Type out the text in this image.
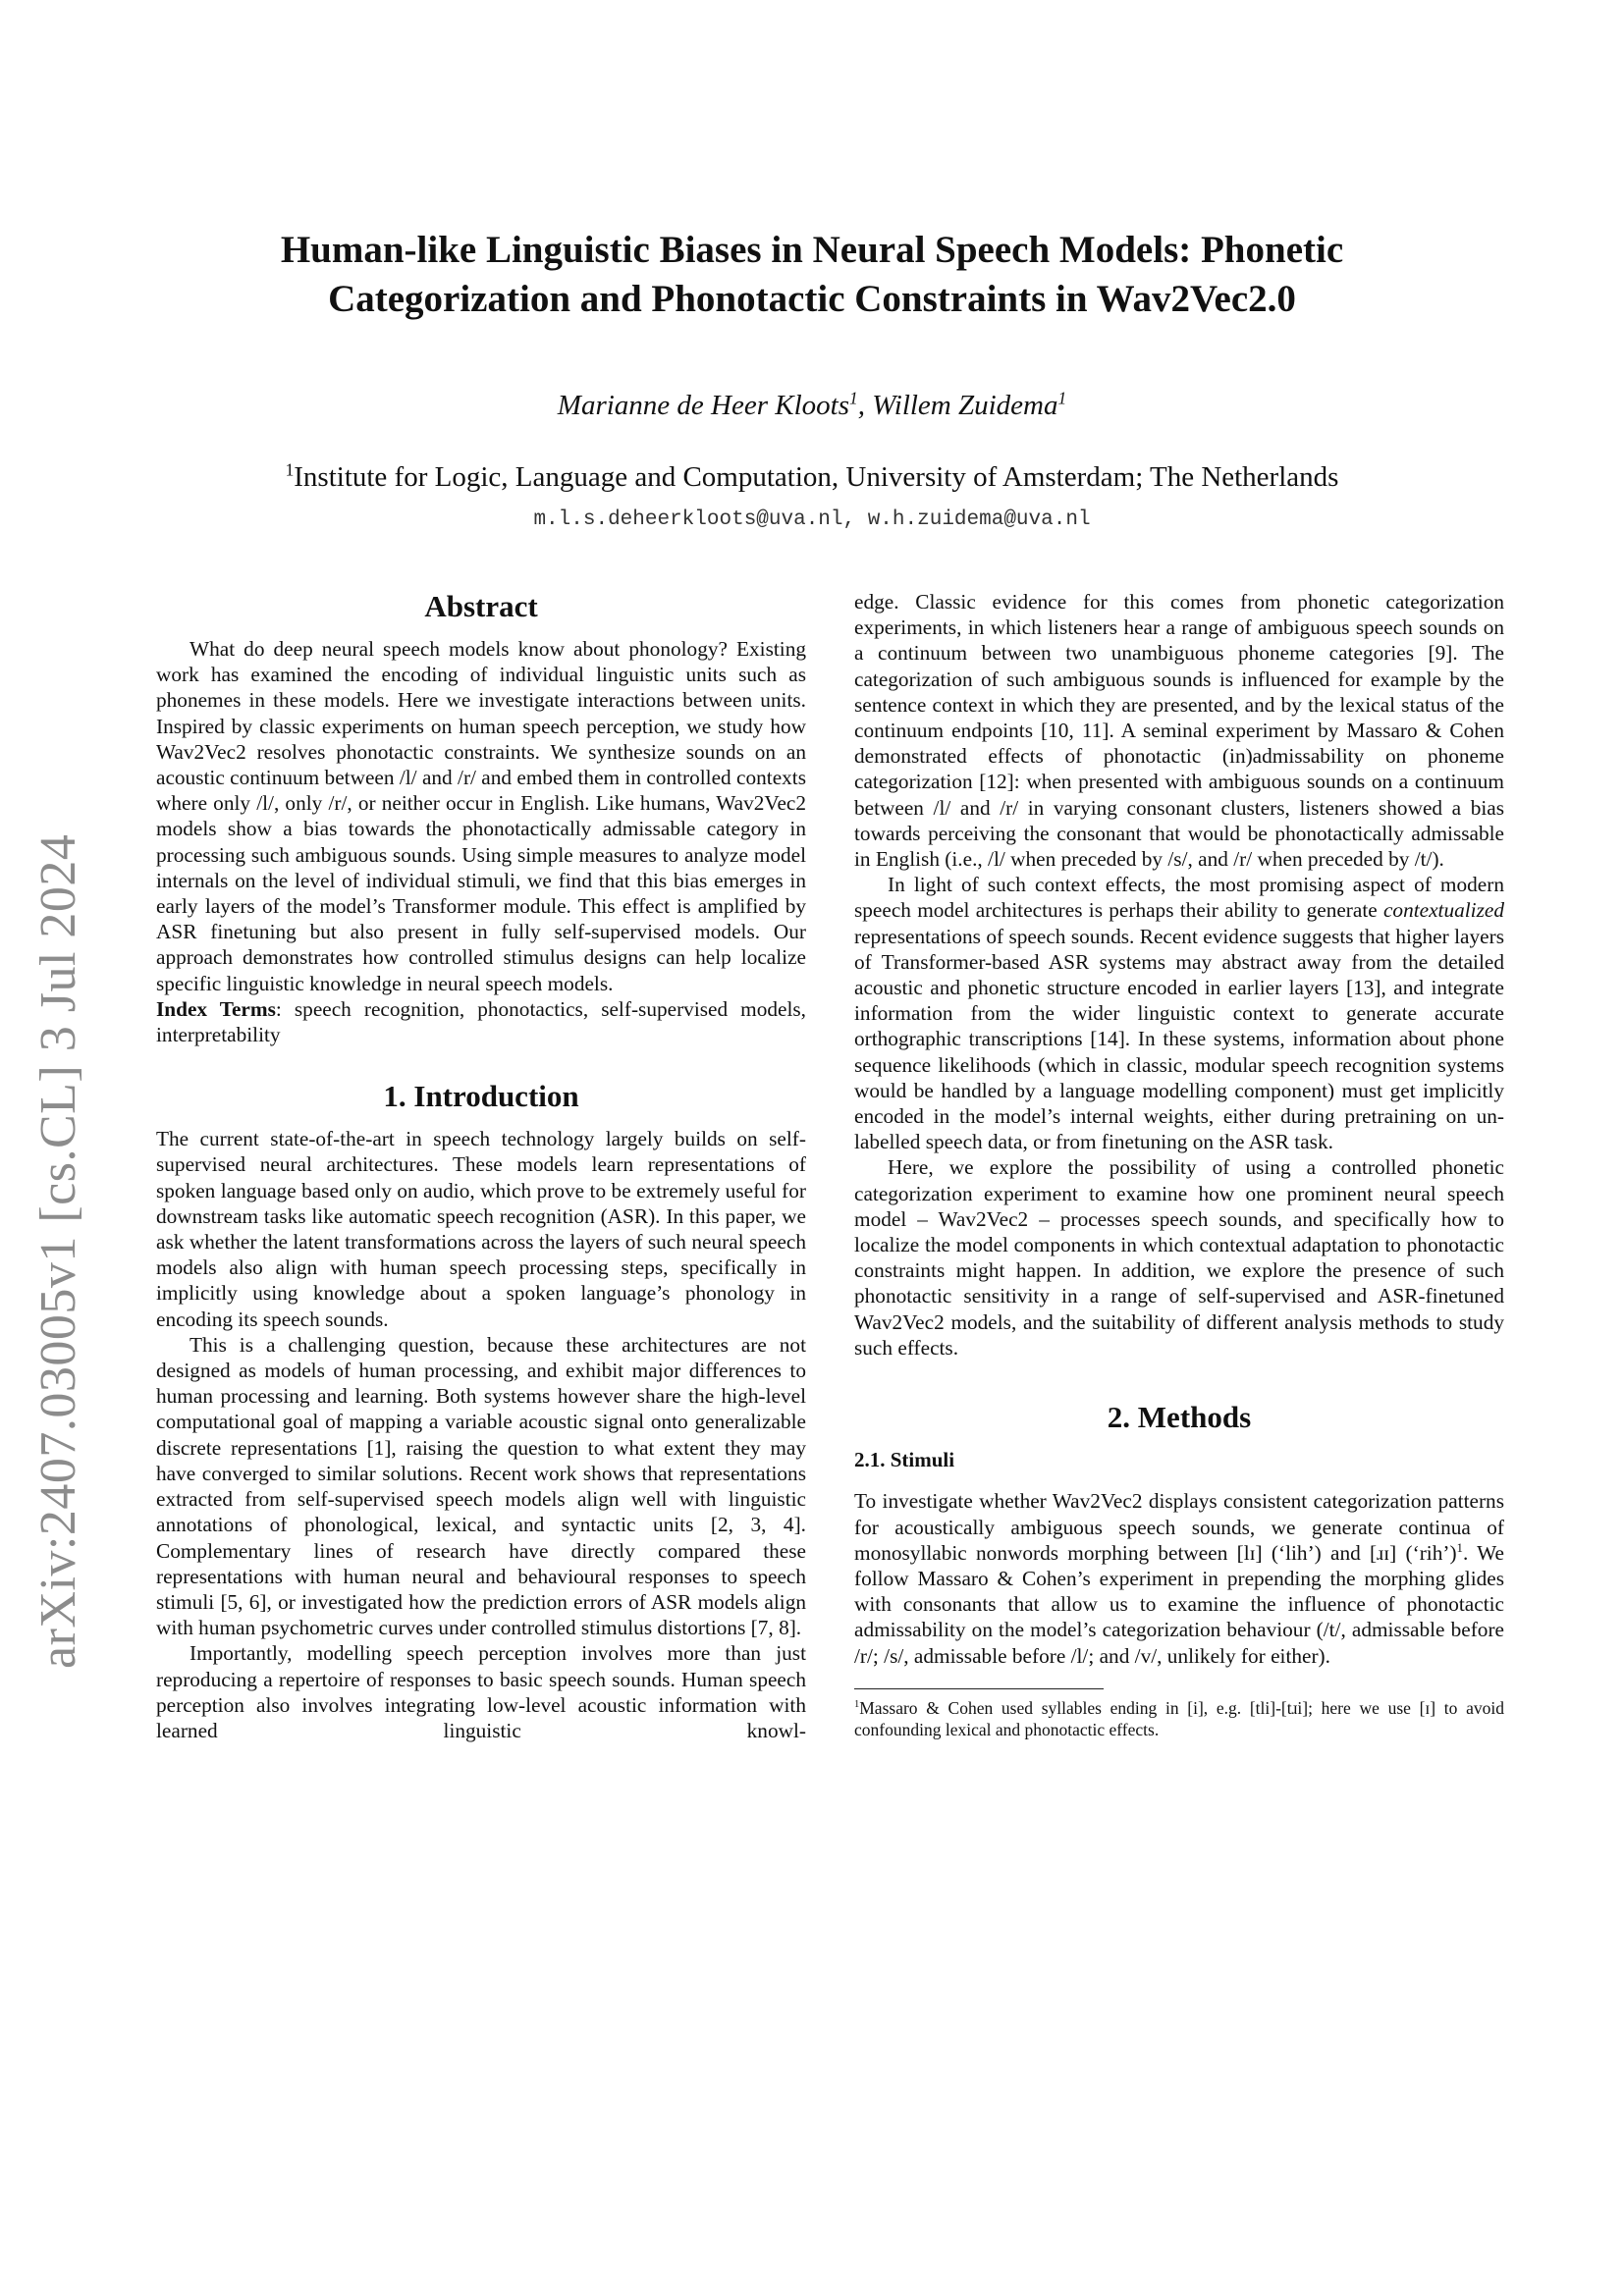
arXiv:2407.03005v1 [cs.CL] 3 Jul 2024
Human-like Linguistic Biases in Neural Speech Models: Phonetic
Categorization and Phonotactic Constraints in Wav2Vec2.0
Marianne de Heer Kloots$^1$, Willem Zuidema$^1$
$^1$Institute for Logic, Language and Computation, University of Amsterdam; The Netherlands
m.l.s.deheerkloots@uva.nl, w.h.zuidema@uva.nl
Abstract

What do deep neural speech models know about phonology? Existing work has examined the encoding of individual linguistic units such as phonemes in these models. Here we investigate interactions between units. Inspired by classic experiments on human speech perception, we study how Wav2Vec2 resolves phonotactic constraints. We synthesize sounds on an acoustic continuum between /l/ and /r/ and embed them in controlled contexts where only /l/, only /r/, or neither occur in English. Like humans, Wav2Vec2 models show a bias towards the phonotactically admissable category in processing such ambiguous sounds. Using simple measures to analyze model internals on the level of individual stimuli, we find that this bias emerges in early layers of the model’s Transformer module. This effect is amplified by ASR finetuning but also present in fully self-supervised models. Our approach demonstrates how controlled stimulus designs can help localize specific linguistic knowledge in neural speech models.

Index Terms: speech recognition, phonotactics, self-supervised models, interpretability

1. Introduction

The current state-of-the-art in speech technology largely builds on self-supervised neural architectures. These models learn representations of spoken language based only on audio, which prove to be extremely useful for downstream tasks like automatic speech recognition (ASR). In this paper, we ask whether the latent transformations across the layers of such neural speech models also align with human speech processing steps, specifically in implicitly using knowledge about a spoken language’s phonology in encoding its speech sounds.

This is a challenging question, because these architectures are not designed as models of human processing, and exhibit major differences to human processing and learning. Both systems however share the high-level computational goal of mapping a variable acoustic signal onto generalizable discrete representations [1], raising the question to what extent they may have converged to similar solutions. Recent work shows that representations extracted from self-supervised speech models align well with linguistic annotations of phonological, lexical, and syntactic units [2, 3, 4]. Complementary lines of research have directly compared these representations with human neural and behavioural responses to speech stimuli [5, 6], or investigated how the prediction errors of ASR models align with human psychometric curves under controlled stimulus distortions [7, 8].

Importantly, modelling speech perception involves more than just reproducing a repertoire of responses to basic speech sounds. Human speech perception also involves integrating low-level acoustic information with learned linguistic knowl-

edge. Classic evidence for this comes from phonetic categorization experiments, in which listeners hear a range of ambiguous speech sounds on a continuum between two unambiguous phoneme categories [9]. The categorization of such ambiguous sounds is influenced for example by the sentence context in which they are presented, and by the lexical status of the continuum endpoints [10, 11]. A seminal experiment by Massaro & Cohen demonstrated effects of phonotactic (in)admissability on phoneme categorization [12]: when presented with ambiguous sounds on a continuum between /l/ and /r/ in varying consonant clusters, listeners showed a bias towards perceiving the consonant that would be phonotactically admissable in English (i.e., /l/ when preceded by /s/, and /r/ when preceded by /t/).

In light of such context effects, the most promising aspect of modern speech model architectures is perhaps their ability to generate contextualized representations of speech sounds. Recent evidence suggests that higher layers of Transformer-based ASR systems may abstract away from the detailed acoustic and phonetic structure encoded in earlier layers [13], and integrate information from the wider linguistic context to generate accurate orthographic transcriptions [14]. In these systems, information about phone sequence likelihoods (which in classic, modular speech recognition systems would be handled by a language modelling component) must get implicitly encoded in the model’s internal weights, either during pretraining on unlabelled speech data, or from finetuning on the ASR task.

Here, we explore the possibility of using a controlled phonetic categorization experiment to examine how one prominent neural speech model – Wav2Vec2 – processes speech sounds, and specifically how to localize the model components in which contextual adaptation to phonotactic constraints might happen. In addition, we explore the presence of such phonotactic sensitivity in a range of self-supervised and ASR-finetuned Wav2Vec2 models, and the suitability of different analysis methods to study such effects.

2. Methods
2.1. Stimuli

To investigate whether Wav2Vec2 displays consistent categorization patterns for acoustically ambiguous speech sounds, we generate continua of monosyllabic nonwords morphing between [lɪ] (‘lih’) and [ɹɪ] (‘rih’)$^1$. We follow Massaro & Cohen’s experiment in prepending the morphing glides with consonants that allow us to examine the influence of phonotactic admissability on the model’s categorization behaviour (/t/, admissable before /r/; /s/, admissable before /l/; and /v/, unlikely for either).

$^1$Massaro & Cohen used syllables ending in [i], e.g. [tli]-[tɹi]; here we use [ɪ] to avoid confounding lexical and phonotactic effects.
